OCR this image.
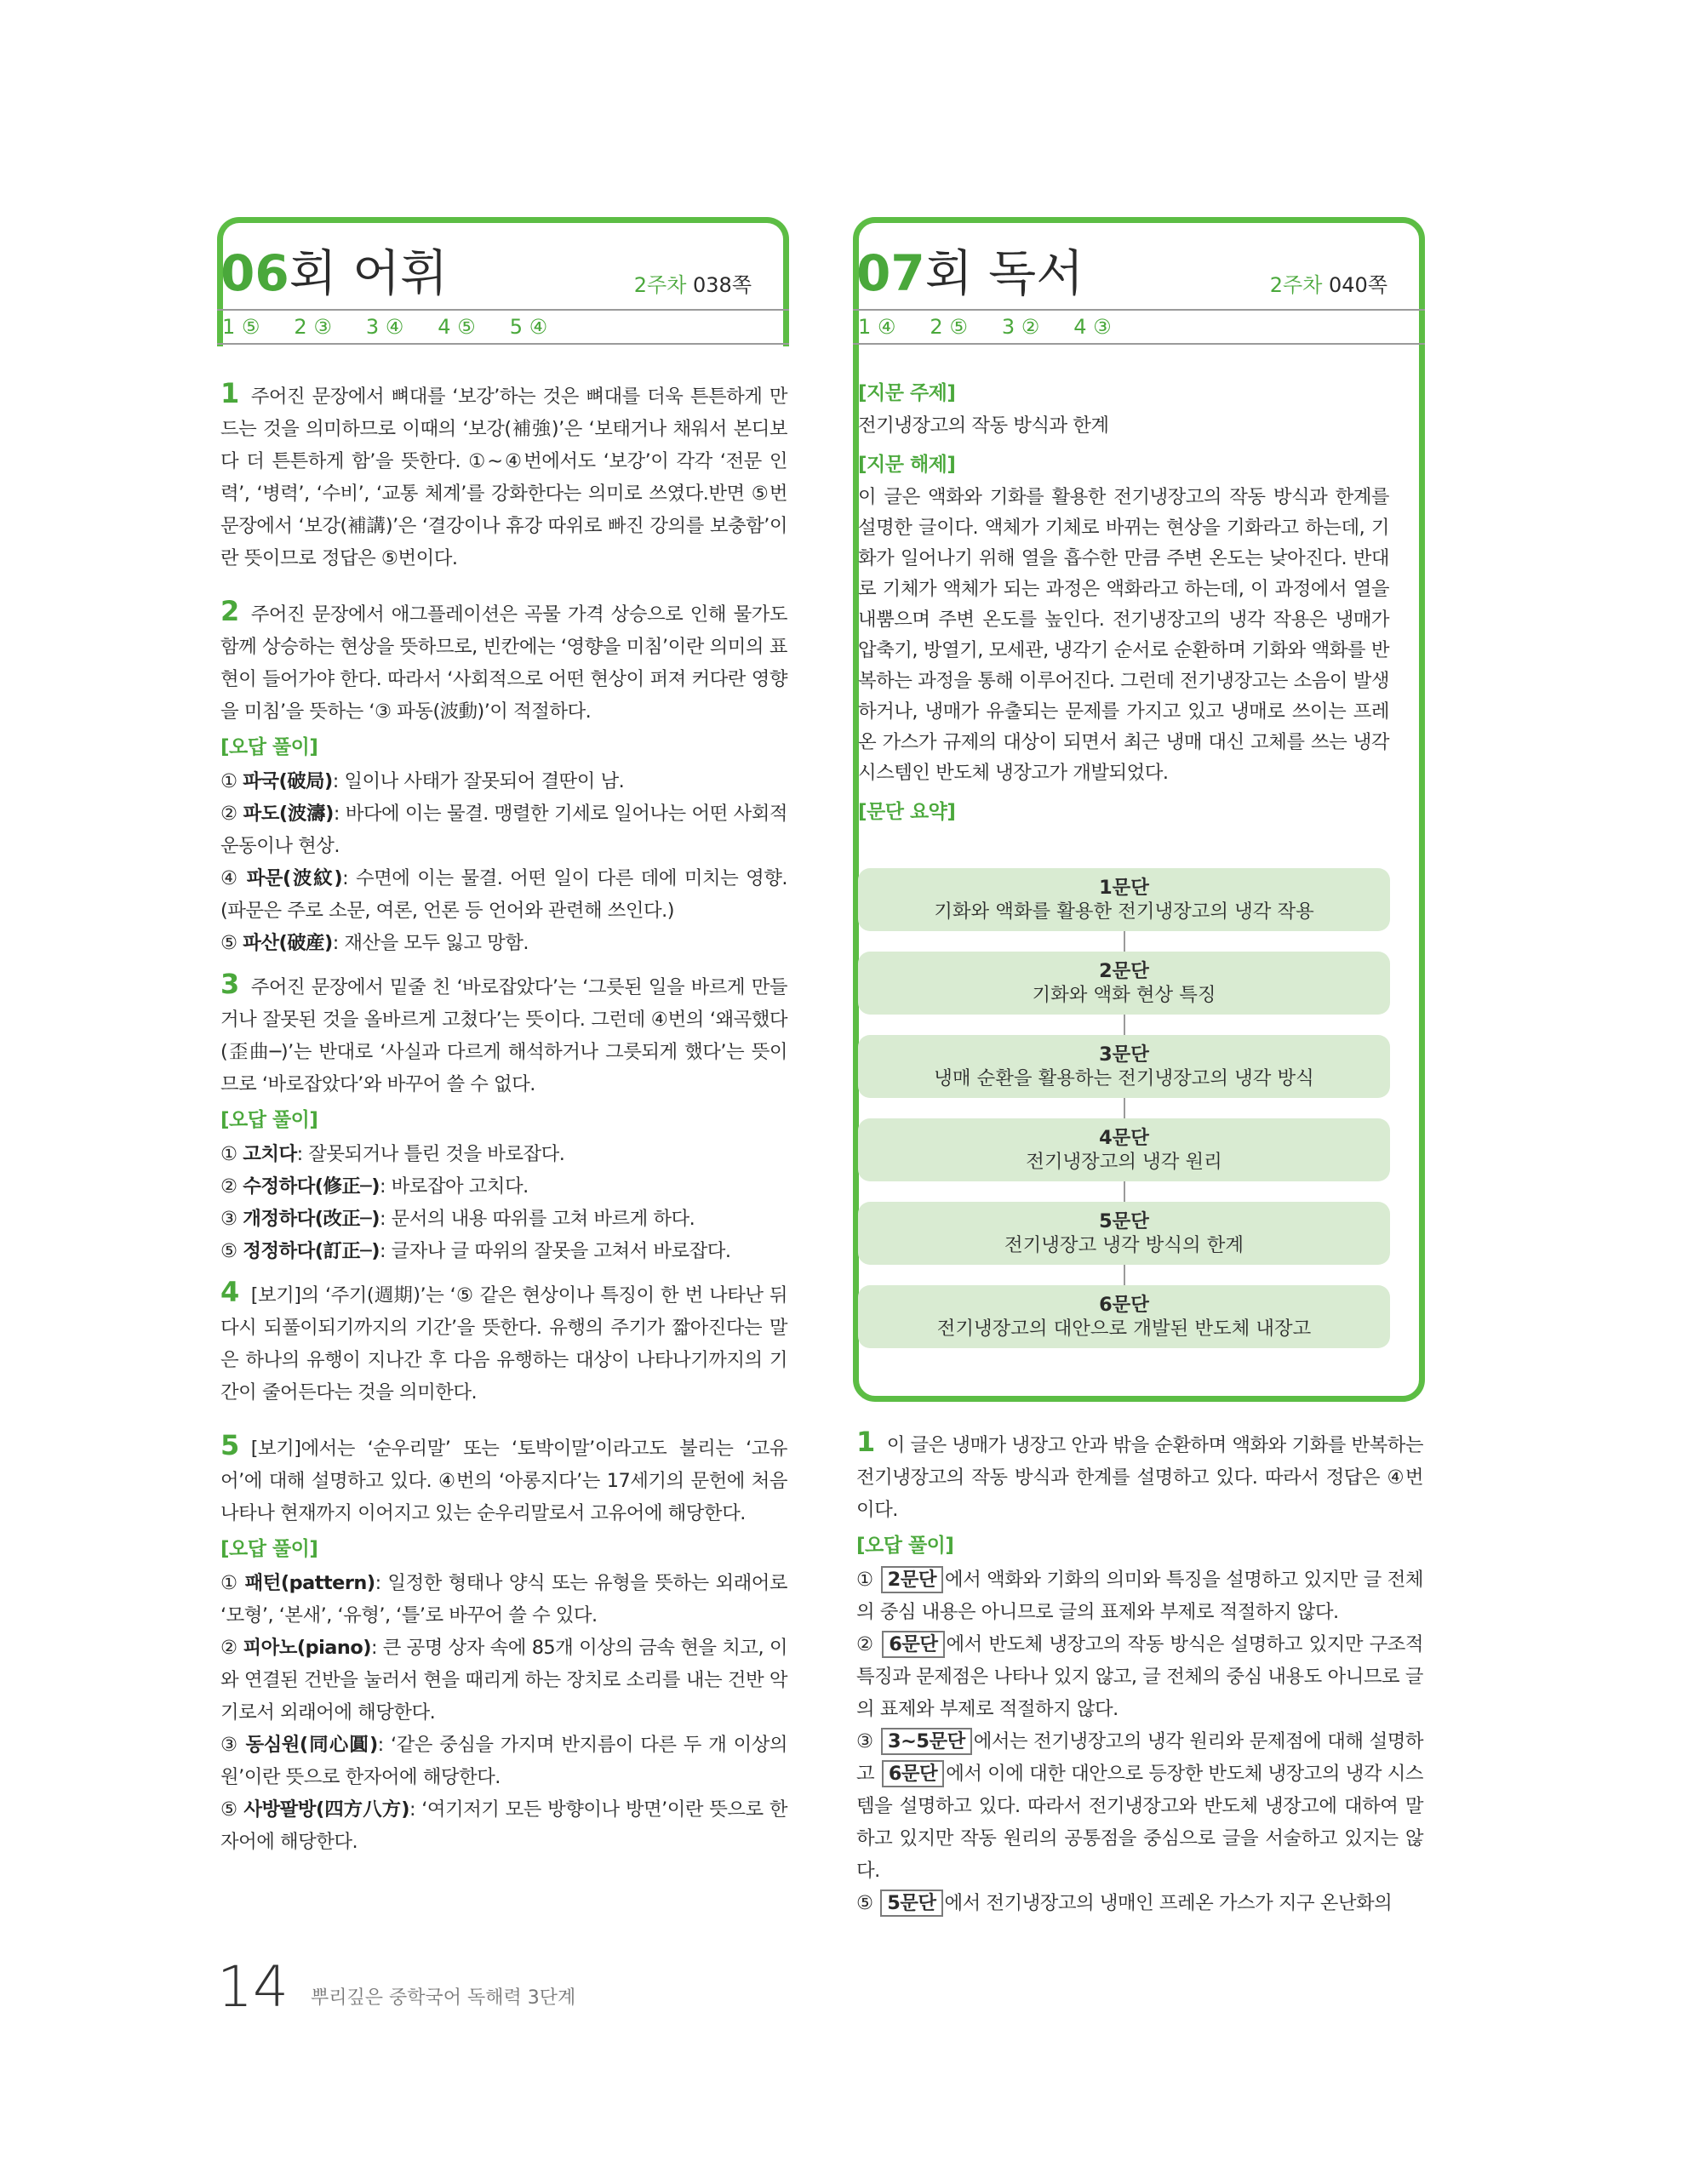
06회 어휘	2주차 038쪽
1 ⑤ 2 ③ 3 ④ 4 ⑤ 5 ④

1 주어진 문장에서 뼈대를 ‘보강’하는 것은 뼈대를 더욱 튼튼하게 만드는 것을 의미하므로 이때의 ‘보강(補強)’은 ‘보태거나 채워서 본디보다 더 튼튼하게 함’을 뜻한다. ①~④번에서도 ‘보강’이 각각 ‘전문 인력’, ‘병력’, ‘수비’, ‘교통 체계’를 강화한다는 의미로 쓰였다.반면 ⑤번 문장에서 ‘보강(補講)’은 ‘결강이나 휴강 따위로 빠진 강의를 보충함’이란 뜻이므로 정답은 ⑤번이다.

2 주어진 문장에서 애그플레이션은 곡물 가격 상승으로 인해 물가도 함께 상승하는 현상을 뜻하므로, 빈칸에는 ‘영향을 미침’이란 의미의 표현이 들어가야 한다. 따라서 ‘사회적으로 어떤 현상이 퍼져 커다란 영향을 미침’을 뜻하는 ‘③ 파동(波動)’이 적절하다.

[오답 풀이]

① 파국(破局): 일이나 사태가 잘못되어 결딴이 남.

② 파도(波濤): 바다에 이는 물결. 맹렬한 기세로 일어나는 어떤 사회적 운동이나 현상.

④ 파문(波紋): 수면에 이는 물결. 어떤 일이 다른 데에 미치는 영향. (파문은 주로 소문, 여론, 언론 등 언어와 관련해 쓰인다.)

⑤ 파산(破産): 재산을 모두 잃고 망함.

3 주어진 문장에서 밑줄 친 ‘바로잡았다’는 ‘그릇된 일을 바르게 만들거나 잘못된 것을 올바르게 고쳤다’는 뜻이다. 그런데 ④번의 ‘왜곡했다(歪曲─)’는 반대로 ‘사실과 다르게 해석하거나 그릇되게 했다’는 뜻이므로 ‘바로잡았다’와 바꾸어 쓸 수 없다.

[오답 풀이]

① 고치다: 잘못되거나 틀린 것을 바로잡다.

② 수정하다(修正─): 바로잡아 고치다.

③ 개정하다(改正─): 문서의 내용 따위를 고쳐 바르게 하다.

⑤ 정정하다(訂正─): 글자나 글 따위의 잘못을 고쳐서 바로잡다.

4 [보기]의 ‘주기(週期)’는 ‘⑤ 같은 현상이나 특징이 한 번 나타난 뒤 다시 되풀이되기까지의 기간’을 뜻한다. 유행의 주기가 짧아진다는 말은 하나의 유행이 지나간 후 다음 유행하는 대상이 나타나기까지의 기간이 줄어든다는 것을 의미한다.

5 [보기]에서는 ‘순우리말’ 또는 ‘토박이말’이라고도 불리는 ‘고유어’에 대해 설명하고 있다. ④번의 ‘아롱지다’는 17세기의 문헌에 처음 나타나 현재까지 이어지고 있는 순우리말로서 고유어에 해당한다.

[오답 풀이]

① 패턴(pattern): 일정한 형태나 양식 또는 유형을 뜻하는 외래어로 ‘모형’, ‘본새’, ‘유형’, ‘틀’로 바꾸어 쓸 수 있다.

② 피아노(piano): 큰 공명 상자 속에 85개 이상의 금속 현을 치고, 이와 연결된 건반을 눌러서 현을 때리게 하는 장치로 소리를 내는 건반 악기로서 외래어에 해당한다.

③ 동심원(同心圓): ‘같은 중심을 가지며 반지름이 다른 두 개 이상의 원’이란 뜻으로 한자어에 해당한다.

⑤ 사방팔방(四方八方): ‘여기저기 모든 방향이나 방면’이란 뜻으로 한자어에 해당한다.

07회 독서	2주차 040쪽
1 ④ 2 ⑤ 3 ② 4 ③
[지문 주제]

전기냉장고의 작동 방식과 한계

[지문 해제]

이 글은 액화와 기화를 활용한 전기냉장고의 작동 방식과 한계를 설명한 글이다. 액체가 기체로 바뀌는 현상을 기화라고 하는데, 기화가 일어나기 위해 열을 흡수한 만큼 주변 온도는 낮아진다. 반대로 기체가 액체가 되는 과정은 액화라고 하는데, 이 과정에서 열을 내뿜으며 주변 온도를 높인다. 전기냉장고의 냉각 작용은 냉매가 압축기, 방열기, 모세관, 냉각기 순서로 순환하며 기화와 액화를 반복하는 과정을 통해 이루어진다. 그런데 전기냉장고는 소음이 발생하거나, 냉매가 유출되는 문제를 가지고 있고 냉매로 쓰이는 프레온 가스가 규제의 대상이 되면서 최근 냉매 대신 고체를 쓰는 냉각 시스템인 반도체 냉장고가 개발되었다.

[문단 요약]
1문단
기화와 액화를 활용한 전기냉장고의 냉각 작용
2문단
기화와 액화 현상 특징
3문단
냉매 순환을 활용하는 전기냉장고의 냉각 방식
4문단
전기냉장고의 냉각 원리
5문단
전기냉장고 냉각 방식의 한계
6문단
전기냉장고의 대안으로 개발된 반도체 내장고

1 이 글은 냉매가 냉장고 안과 밖을 순환하며 액화와 기화를 반복하는 전기냉장고의 작동 방식과 한계를 설명하고 있다. 따라서 정답은 ④번이다.

[오답 풀이]

① 2문단 에서 액화와 기화의 의미와 특징을 설명하고 있지만 글 전체의 중심 내용은 아니므로 글의 표제와 부제로 적절하지 않다.

② 6문단 에서 반도체 냉장고의 작동 방식은 설명하고 있지만 구조적 특징과 문제점은 나타나 있지 않고, 글 전체의 중심 내용도 아니므로 글의 표제와 부제로 적절하지 않다.

③ 3~5문단 에서는 전기냉장고의 냉각 원리와 문제점에 대해 설명하고 6문단 에서 이에 대한 대안으로 등장한 반도체 냉장고의 냉각 시스템을 설명하고 있다. 따라서 전기냉장고와 반도체 냉장고에 대하여 말하고 있지만 작동 원리의 공통점을 중심으로 글을 서술하고 있지는 않다.

⑤ 5문단 에서 전기냉장고의 냉매인 프레온 가스가 지구 온난화의

14 뿌리깊은 중학국어 독해력 3단계
